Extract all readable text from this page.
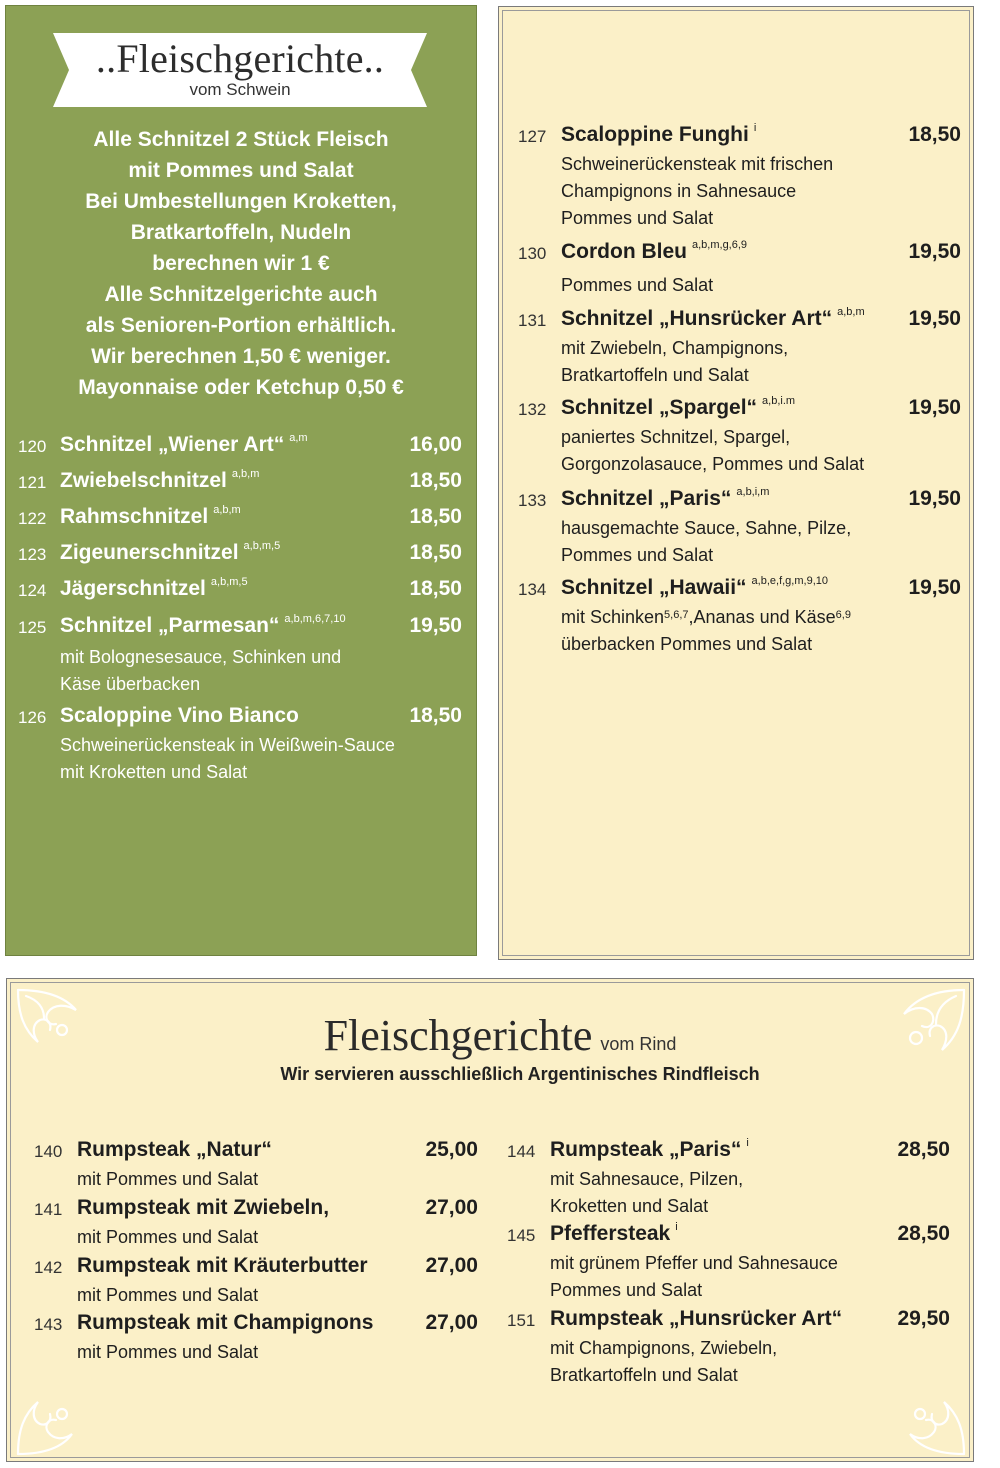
..Fleischgerichte..
vom Schwein
Alle Schnitzel 2 Stück Fleisch
mit Pommes und Salat
Bei Umbestellungen Kroketten,
Bratkartoffeln, Nudeln
berechnen wir 1 €
Alle Schnitzelgerichte auch
als Senioren-Portion erhältlich.
Wir berechnen 1,50 € weniger.
Mayonnaise oder Ketchup 0,50 €
120 Schnitzel „Wiener Art“ $^{a,m}$	16,00
121 Zwiebelschnitzel $^{a,b,m}$	18,50
122 Rahmschnitzel $^{a,b,m}$	18,50
123 Zigeunerschnitzel $^{a,b,m,5}$	18,50
124 Jägerschnitzel $^{a,b,m,5}$	18,50
125 Schnitzel „Parmesan“ $^{a,b,m,6,7,10}$	19,50
mit Bolognesesauce, Schinken und
Käse überbacken
126 Scaloppine Vino Bianco	18,50
Schweinerückensteak in Weißwein-Sauce
mit Kroketten und Salat
127 Scaloppine Funghi $^i$	18,50
Schweinerückensteak mit frischen
Champignons in Sahnesauce
Pommes und Salat
130 Cordon Bleu $^{a,b,m,g,6,9}$	19,50
Pommes und Salat
131 Schnitzel „Hunsrücker Art“ $^{a,b,m}$ 19,50
mit Zwiebeln, Champignons,
Bratkartoffeln und Salat
132 Schnitzel „Spargel“ $^{a,b,i.m}$	19,50
paniertes Schnitzel, Spargel,
Gorgonzolasauce, Pommes und Salat
133 Schnitzel „Paris“ $^{a,b,i,m}$	19,50
hausgemachte Sauce, Sahne, Pilze,
Pommes und Salat
134 Schnitzel „Hawaii“ $^{a,b,e,f,g,m,9,10}$	19,50
mit Schinken$^{5,6,7}$,Ananas und Käse$^{6,9}$
überbacken Pommes und Salat
Fleischgerichte vom Rind
Wir servieren ausschließlich Argentinisches Rindfleisch
140 Rumpsteak „Natur“	25,00
mit Pommes und Salat
141 Rumpsteak mit Zwiebeln,	27,00
mit Pommes und Salat
142 Rumpsteak mit Kräuterbutter	27,00
mit Pommes und Salat
143 Rumpsteak mit Champignons 27,00
mit Pommes und Salat
144 Rumpsteak „Paris“ $^i$	28,50
mit Sahnesauce, Pilzen,
Kroketten und Salat
145 Pfeffersteak $^i$	28,50
mit grünem Pfeffer und Sahnesauce
Pommes und Salat
151 Rumpsteak „Hunsrücker Art“	29,50
mit Champignons, Zwiebeln,
Bratkartoffeln und Salat
